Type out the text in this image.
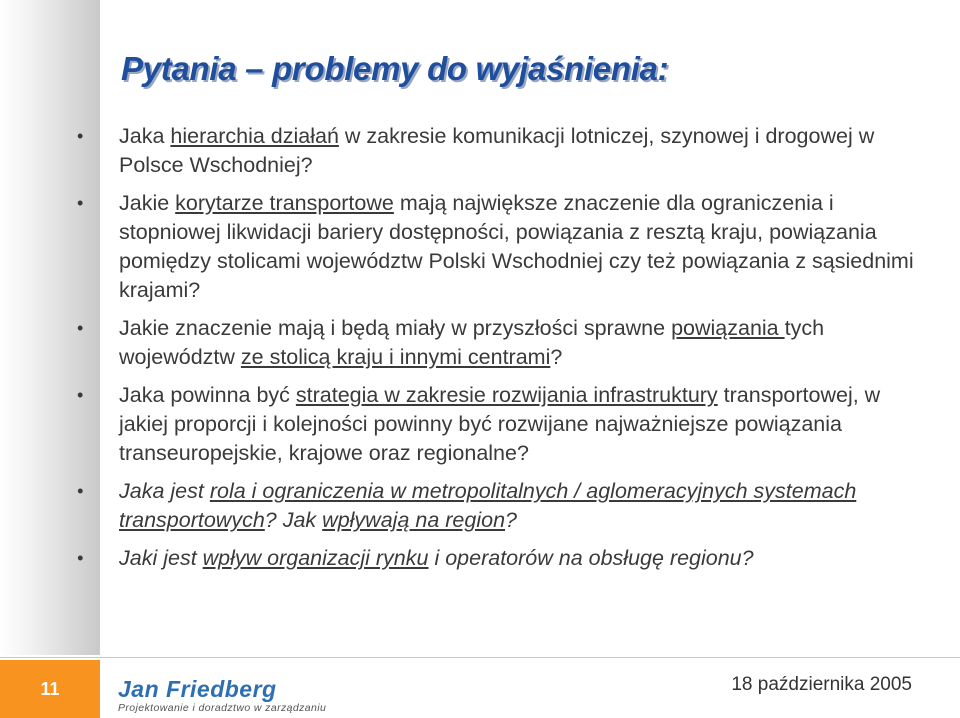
Pytania – problemy do wyjaśnienia:
• Jaka hierarchia działań w zakresie komunikacji lotniczej, szynowej i drogowej w Polsce Wschodniej?
• Jakie korytarze transportowe mają największe znaczenie dla ograniczenia i stopniowej likwidacji bariery dostępności, powiązania z resztą kraju, powiązania pomiędzy stolicami województw Polski Wschodniej czy też powiązania z sąsiednimi krajami?
• Jakie znaczenie mają i będą miały w przyszłości sprawne powiązania tych województw ze stolicą kraju i innymi centrami?
• Jaka powinna być strategia w zakresie rozwijania infrastruktury transportowej, w jakiej proporcji i kolejności powinny być rozwijane najważniejsze powiązania transeuropejskie, krajowe oraz regionalne?
• Jaka jest rola i ograniczenia w metropolitalnych / aglomeracyjnych systemach transportowych? Jak wpływają na region?
• Jaki jest wpływ organizacji rynku i operatorów na obsługę regionu?
11	Jan Friedberg
Projektowanie i doradztwo w zarządzaniu
18 października 2005
